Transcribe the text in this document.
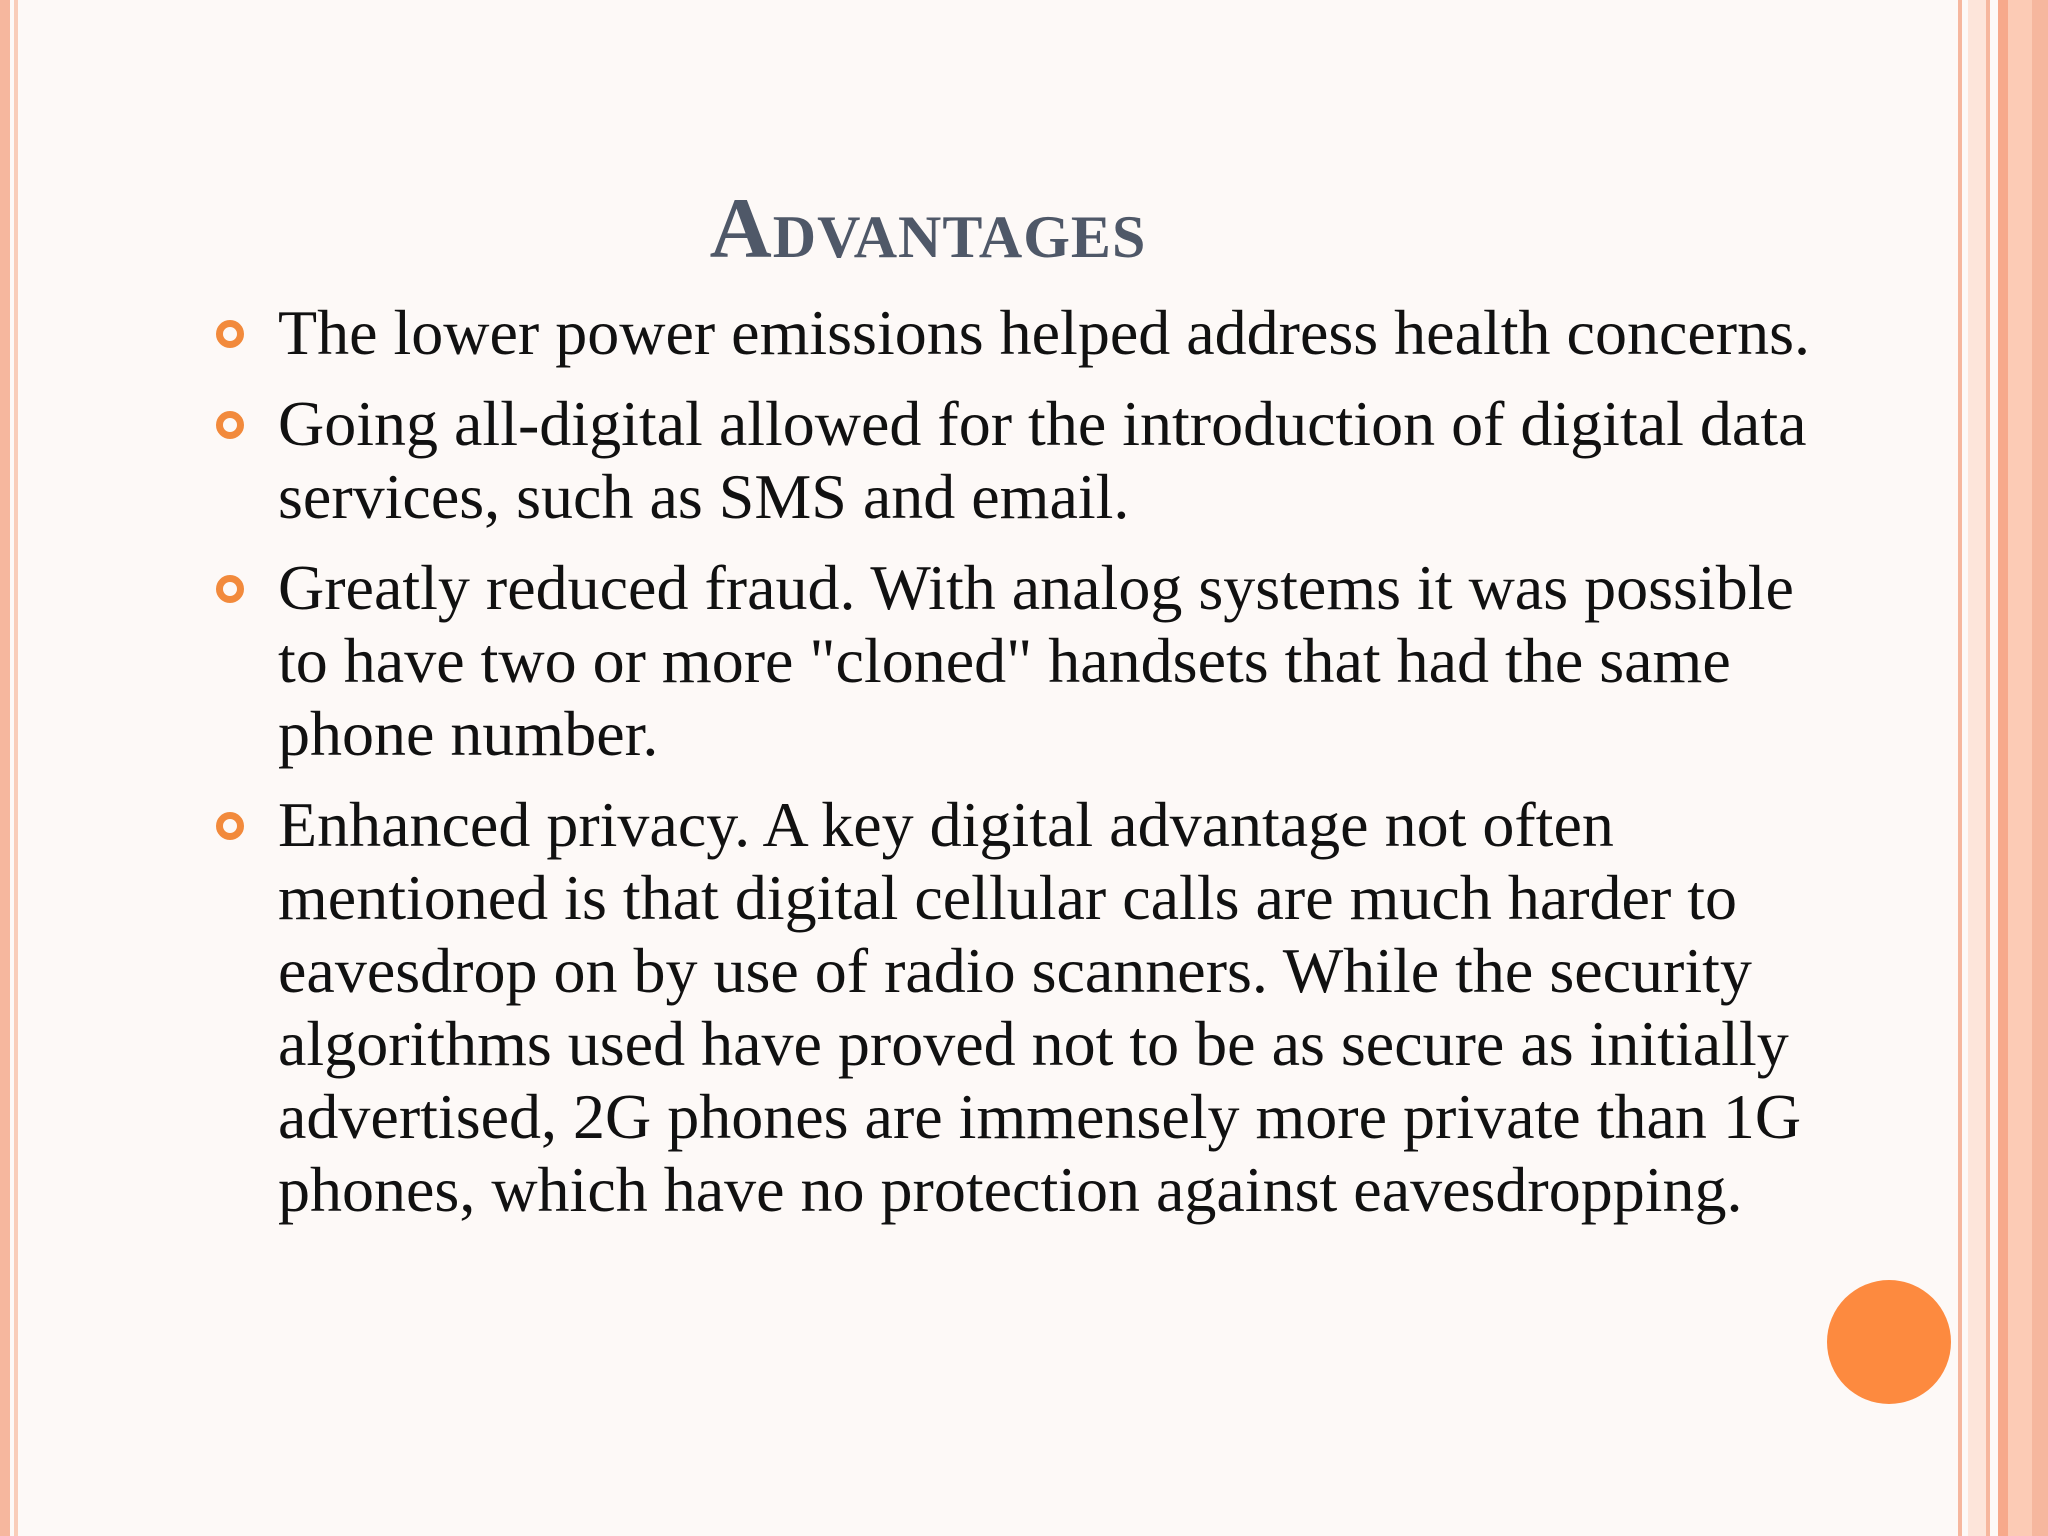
Advantages
The lower power emissions helped address health concerns.
Going all-digital allowed for the introduction of digital data services, such as SMS and email.
Greatly reduced fraud. With analog systems it was possible to have two or more "cloned" handsets that had the same phone number.
Enhanced privacy. A key digital advantage not often mentioned is that digital cellular calls are much harder to eavesdrop on by use of radio scanners. While the security algorithms used have proved not to be as secure as initially advertised, 2G phones are immensely more private than 1G phones, which have no protection against eavesdropping.
